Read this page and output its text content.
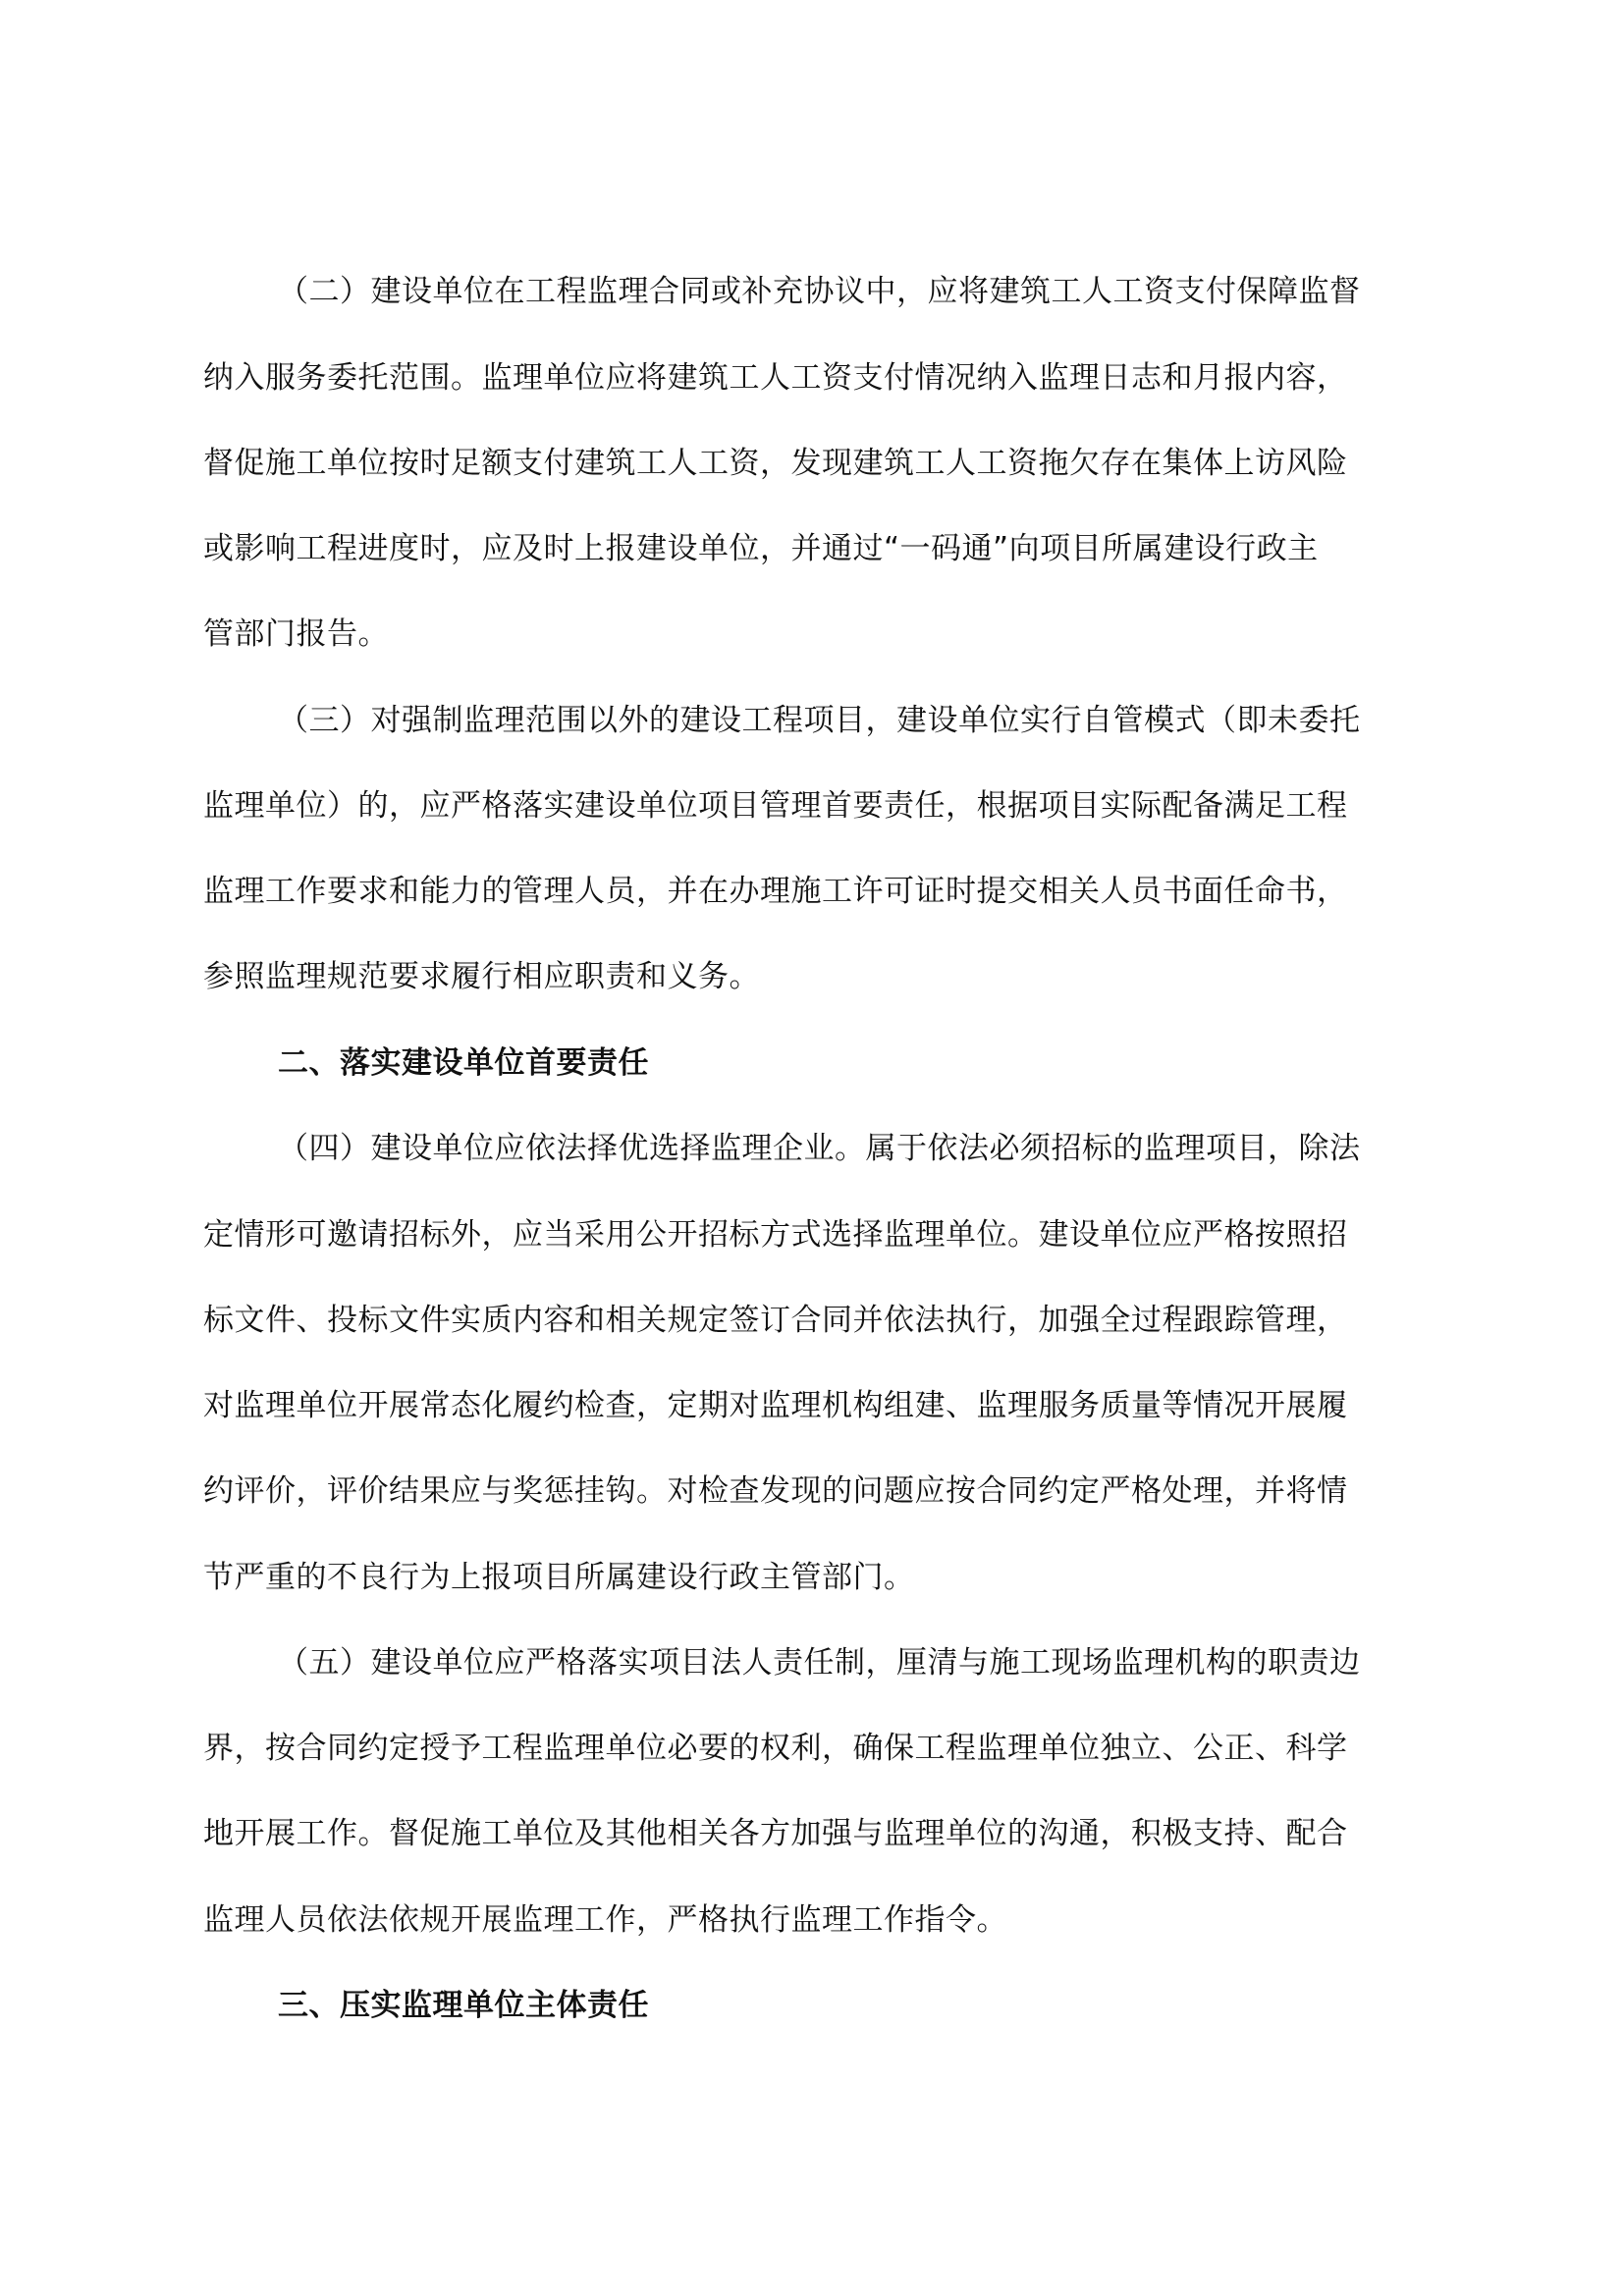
（二）建设单位在工程监理合同或补充协议中，应将建筑工人工资支付保障监督
纳入服务委托范围。监理单位应将建筑工人工资支付情况纳入监理日志和月报内容，
督促施工单位按时足额支付建筑工人工资，发现建筑工人工资拖欠存在集体上访风险
或影响工程进度时，应及时上报建设单位，并通过“一码通”向项目所属建设行政主
管部门报告。
（三）对强制监理范围以外的建设工程项目，建设单位实行自管模式（即未委托
监理单位）的，应严格落实建设单位项目管理首要责任，根据项目实际配备满足工程
监理工作要求和能力的管理人员，并在办理施工许可证时提交相关人员书面任命书，
参照监理规范要求履行相应职责和义务。
二、落实建设单位首要责任
（四）建设单位应依法择优选择监理企业。属于依法必须招标的监理项目，除法
定情形可邀请招标外，应当采用公开招标方式选择监理单位。建设单位应严格按照招
标文件、投标文件实质内容和相关规定签订合同并依法执行，加强全过程跟踪管理，
对监理单位开展常态化履约检查，定期对监理机构组建、监理服务质量等情况开展履
约评价，评价结果应与奖惩挂钩。对检查发现的问题应按合同约定严格处理，并将情
节严重的不良行为上报项目所属建设行政主管部门。
（五）建设单位应严格落实项目法人责任制，厘清与施工现场监理机构的职责边
界，按合同约定授予工程监理单位必要的权利，确保工程监理单位独立、公正、科学
地开展工作。督促施工单位及其他相关各方加强与监理单位的沟通，积极支持、配合
监理人员依法依规开展监理工作，严格执行监理工作指令。
三、压实监理单位主体责任
